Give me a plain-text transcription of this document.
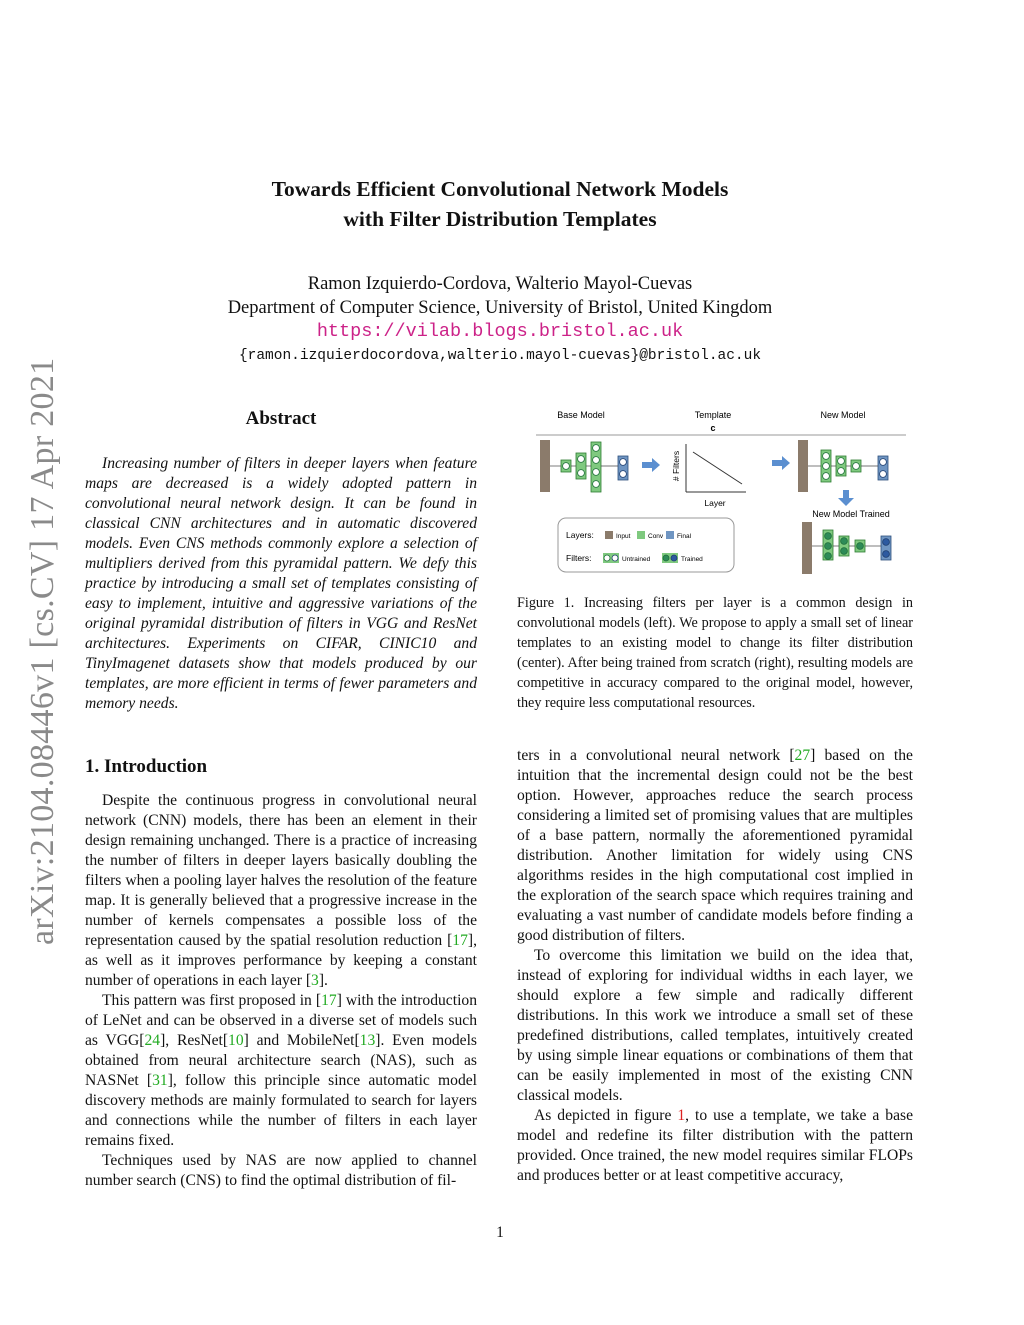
arXiv:2104.08446v1 [cs.CV] 17 Apr 2021
Towards Efficient Convolutional Network Models
with Filter Distribution Templates
Ramon Izquierdo-Cordova, Walterio Mayol-Cuevas
Department of Computer Science, University of Bristol, United Kingdom
https://vilab.blogs.bristol.ac.uk
{ramon.izquierdocordova,walterio.mayol-cuevas}@bristol.ac.uk
Abstract

Increasing number of filters in deeper layers when feature maps are decreased is a widely adopted pattern in convolutional neural network design. It can be found in classical CNN architectures and in automatic discovered models. Even CNS methods commonly explore a selection of multipliers derived from this pyramidal pattern. We defy this practice by introducing a small set of templates consisting of easy to implement, intuitive and aggressive variations of the original pyramidal distribution of filters in VGG and ResNet architectures. Experiments on CIFAR, CINIC10 and TinyImagenet datasets show that models produced by our templates, are more efficient in terms of fewer parameters and memory needs.

Base Model	Template
c
New Model
# Filters
Layer
New Model Trained
Layers:	Input	Conv Final
Filters:	Untrained	Trained
Figure 1. Increasing filters per layer is a common design in convolutional models (left). We propose to apply a small set of linear templates to an existing model to change its filter distribution (center). After being trained from scratch (right), resulting models are competitive in accuracy compared to the original model, however, they require less computational resources.
1. Introduction

Despite the continuous progress in convolutional neural network (CNN) models, there has been an element in their design remaining unchanged. There is a practice of increasing the number of filters in deeper layers basically doubling the filters when a pooling layer halves the resolution of the feature map. It is generally believed that a progressive increase in the number of kernels compensates a possible loss of the representation caused by the spatial resolution reduction [17], as well as it improves performance by keeping a constant number of operations in each layer [3].

This pattern was first proposed in [17] with the introduction of LeNet and can be observed in a diverse set of models such as VGG[24], ResNet[10] and MobileNet[13]. Even models obtained from neural architecture search (NAS), such as NASNet [31], follow this principle since automatic model discovery methods are mainly formulated to search for layers and connections while the number of filters in each layer remains fixed.

Techniques used by NAS are now applied to channel number search (CNS) to find the optimal distribution of fil-

ters in a convolutional neural network [27] based on the intuition that the incremental design could not be the best option. However, approaches reduce the search process considering a limited set of promising values that are multiples of a base pattern, normally the aforementioned pyramidal distribution. Another limitation for widely using CNS algorithms resides in the high computational cost implied in the exploration of the search space which requires training and evaluating a vast number of candidate models before finding a good distribution of filters.

To overcome this limitation we build on the idea that, instead of exploring for individual widths in each layer, we should explore a few simple and radically different distributions. In this work we introduce a small set of these predefined distributions, called templates, intuitively created by using simple linear equations or combinations of them that can be easily implemented in most of the existing CNN classical models.

As depicted in figure 1, to use a template, we take a base model and redefine its filter distribution with the pattern provided. Once trained, the new model requires similar FLOPs and produces better or at least competitive accuracy,

1
